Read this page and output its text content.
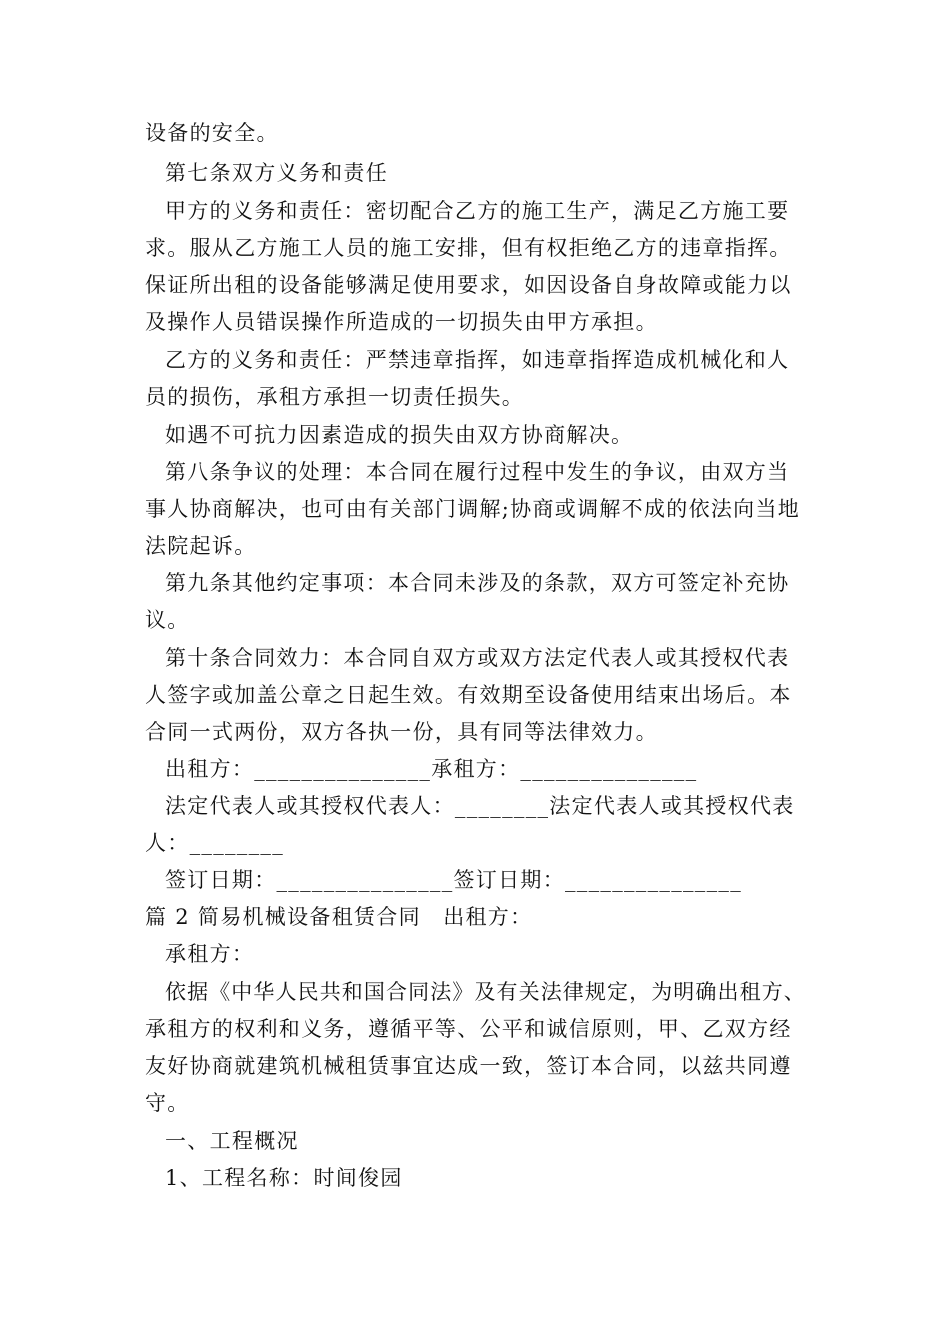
设备的安全。

第七条双方义务和责任

甲方的义务和责任：密切配合乙方的施工生产，满足乙方施工要

求。服从乙方施工人员的施工安排，但有权拒绝乙方的违章指挥。

保证所出租的设备能够满足使用要求，如因设备自身故障或能力以

及操作人员错误操作所造成的一切损失由甲方承担。

乙方的义务和责任：严禁违章指挥，如违章指挥造成机械化和人

员的损伤，承租方承担一切责任损失。

如遇不可抗力因素造成的损失由双方协商解决。

第八条争议的处理：本合同在履行过程中发生的争议，由双方当

事人协商解决，也可由有关部门调解;协商或调解不成的依法向当地

法院起诉。

第九条其他约定事项：本合同未涉及的条款，双方可签定补充协

议。

第十条合同效力：本合同自双方或双方法定代表人或其授权代表

人签字或加盖公章之日起生效。有效期至设备使用结束出场后。本

合同一式两份，双方各执一份，具有同等法律效力。

出租方：_______________承租方：_______________

法定代表人或其授权代表人：________法定代表人或其授权代表

人：________

签订日期：_______________签订日期：_______________

篇 2 简易机械设备租赁合同　出租方：

承租方：

依据《中华人民共和国合同法》及有关法律规定，为明确出租方、

承租方的权利和义务，遵循平等、公平和诚信原则，甲、乙双方经

友好协商就建筑机械租赁事宜达成一致，签订本合同，以兹共同遵

守。

一、工程概况

1、工程名称：时间俊园
